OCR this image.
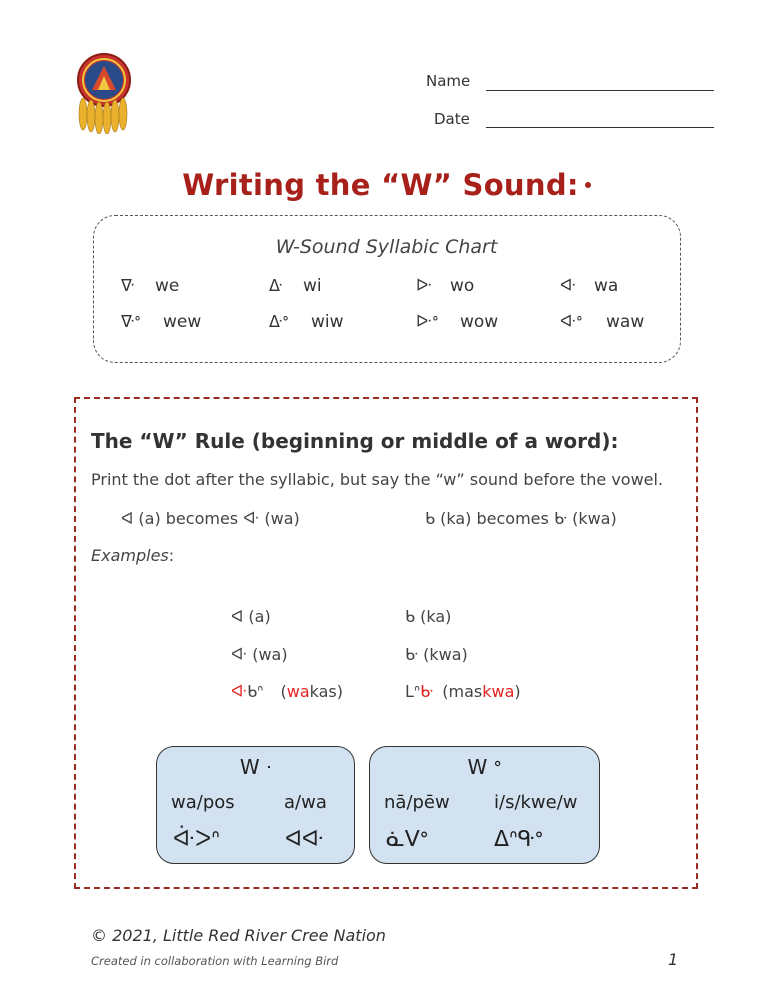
Name
Date
Writing the “W” Sound:
W-Sound Syllabic Chart
ᐍ we	ᐏ wi	ᐓ wo	ᐘ wa
ᐍᐤ wew	ᐏᐤ wiw	ᐓᐤ wow	ᐘᐤ waw
The “W” Rule (beginning or middle of a word):
Print the dot after the syllabic, but say the “w” sound before the vowel.
ᐊ (a) becomes ᐘ (wa)	ᑲ (ka) becomes ᑿ (kwa)
Examples:
ᐊ (a)	ᑲ (ka)
ᐘ (wa)	ᑿ (kwa)
ᐘᑲᐢ (wakas)	ᒪᐢᑿ (maskwa)
W ᐧ
wa/pos	a/wa
ᐚᐳᐢ	ᐊᐘ
W ᐤ
nā/pēw i/s/kwe/w
ᓈᐯᐤ	ᐃᐢᑵᐤ
© 2021, Little Red River Cree Nation
Created in collaboration with Learning Bird	1
